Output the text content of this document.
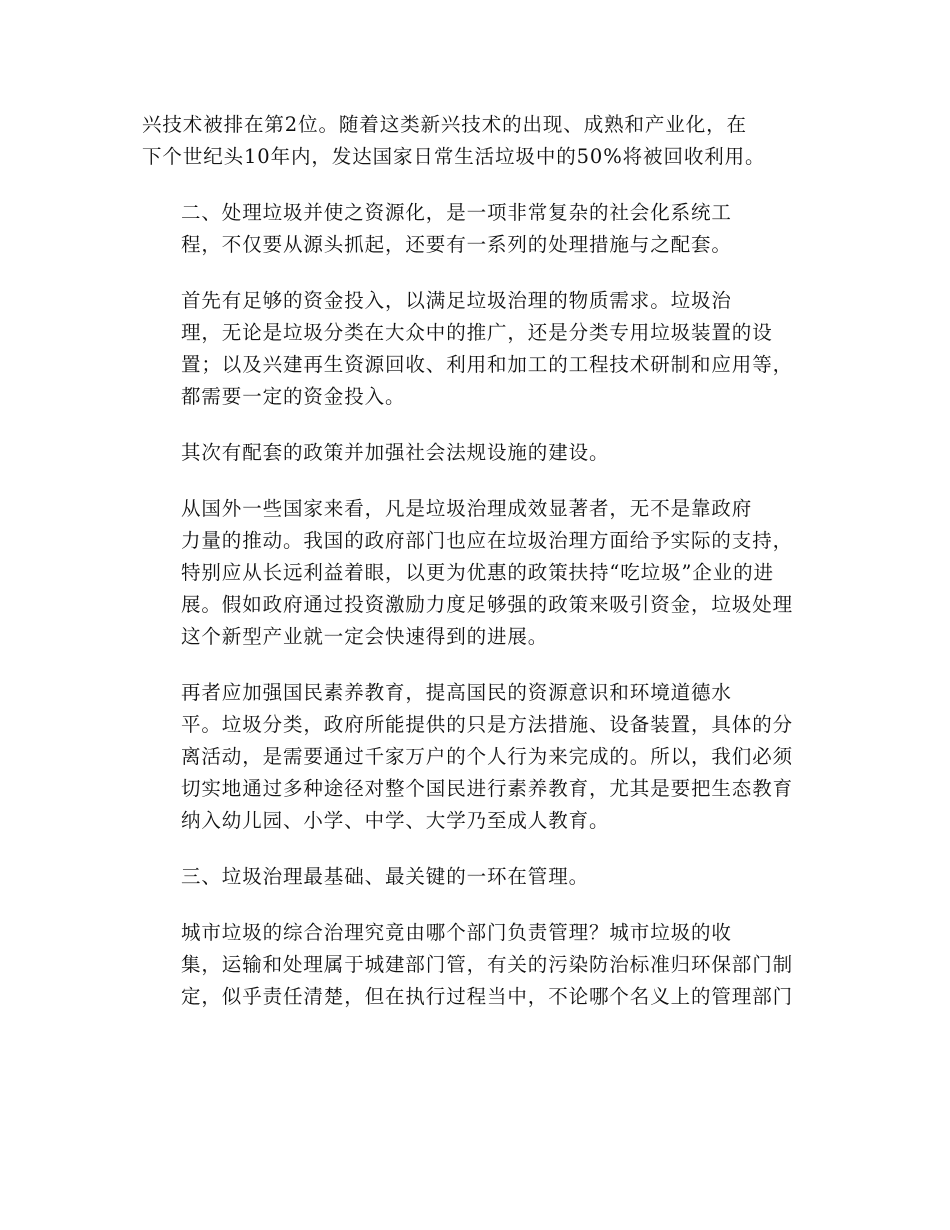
兴技术被排在第2位。随着这类新兴技术的出现、成熟和产业化，在
下个世纪头10年内，发达国家日常生活垃圾中的50%将被回收利用。
二、处理垃圾并使之资源化，是一项非常复杂的社会化系统工
程，不仅要从源头抓起，还要有一系列的处理措施与之配套。
首先有足够的资金投入，以满足垃圾治理的物质需求。垃圾治
理，无论是垃圾分类在大众中的推广，还是分类专用垃圾装置的设
置；以及兴建再生资源回收、利用和加工的工程技术研制和应用等，
都需要一定的资金投入。
其次有配套的政策并加强社会法规设施的建设。
从国外一些国家来看，凡是垃圾治理成效显著者，无不是靠政府
力量的推动。我国的政府部门也应在垃圾治理方面给予实际的支持，
特别应从长远利益着眼，以更为优惠的政策扶持“吃垃圾”企业的进
展。假如政府通过投资激励力度足够强的政策来吸引资金，垃圾处理
这个新型产业就一定会快速得到的进展。
再者应加强国民素养教育，提高国民的资源意识和环境道德水
平。垃圾分类，政府所能提供的只是方法措施、设备装置，具体的分
离活动，是需要通过千家万户的个人行为来完成的。所以，我们必须
切实地通过多种途径对整个国民进行素养教育，尤其是要把生态教育
纳入幼儿园、小学、中学、大学乃至成人教育。
三、垃圾治理最基础、最关键的一环在管理。
城市垃圾的综合治理究竟由哪个部门负责管理？城市垃圾的收
集，运输和处理属于城建部门管，有关的污染防治标准归环保部门制
定，似乎责任清楚，但在执行过程当中，不论哪个名义上的管理部门
